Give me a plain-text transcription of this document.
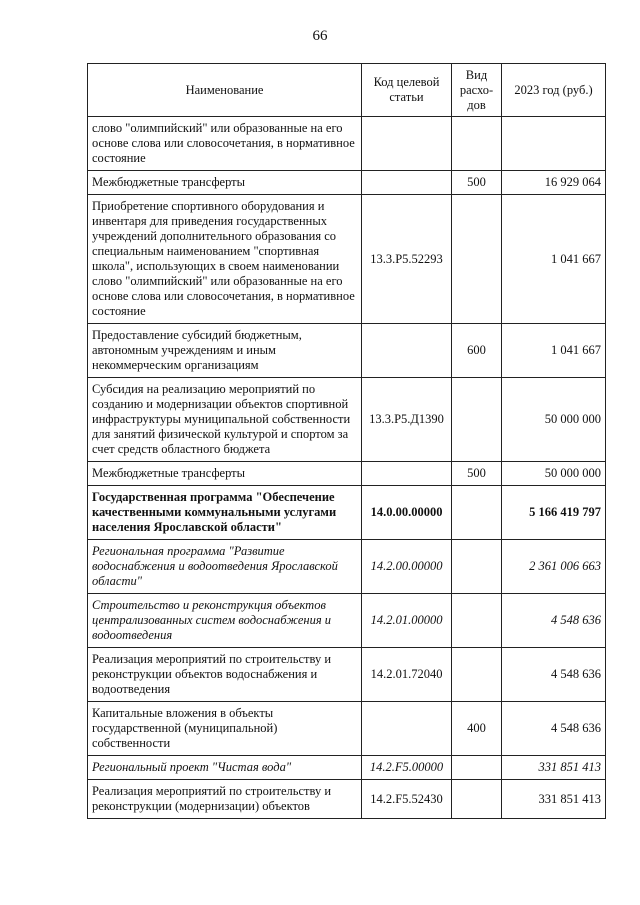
66
Наименование	Код целевой статьи	Вид расхо-дов	2023 год (руб.)
слово "олимпийский" или образованные на его основе слова или словосочетания, в нормативное состояние			
Межбюджетные трансферты		500	16 929 064
Приобретение спортивного оборудования и инвентаря для приведения государственных учреждений дополнительного образования со специальным наименованием "спортивная школа", использующих в своем наименовании слово "олимпийский" или образованные на его основе слова или словосочетания, в нормативное состояние	13.3.Р5.52293		1 041 667
Предоставление субсидий бюджетным, автономным учреждениям и иным некоммерческим организациям		600	1 041 667
Субсидия на реализацию мероприятий по созданию и модернизации объектов спортивной инфраструктуры муниципальной собственности для занятий физической культурой и спортом за счет средств областного бюджета	13.3.Р5.Д1390		50 000 000
Межбюджетные трансферты		500	50 000 000
Государственная программа "Обеспечение качественными коммунальными услугами населения Ярославской области"	14.0.00.00000		5 166 419 797
Региональная программа "Развитие водоснабжения и водоотведения Ярославской области"	14.2.00.00000		2 361 006 663
Строительство и реконструкция объектов централизованных систем водоснабжения и водоотведения	14.2.01.00000		4 548 636
Реализация мероприятий по строительству и реконструкции объектов водоснабжения и водоотведения	14.2.01.72040		4 548 636
Капитальные вложения в объекты государственной (муниципальной) собственности		400	4 548 636
Региональный проект "Чистая вода"	14.2.F5.00000		331 851 413
Реализация мероприятий по строительству и реконструкции (модернизации) объектов	14.2.F5.52430		331 851 413
